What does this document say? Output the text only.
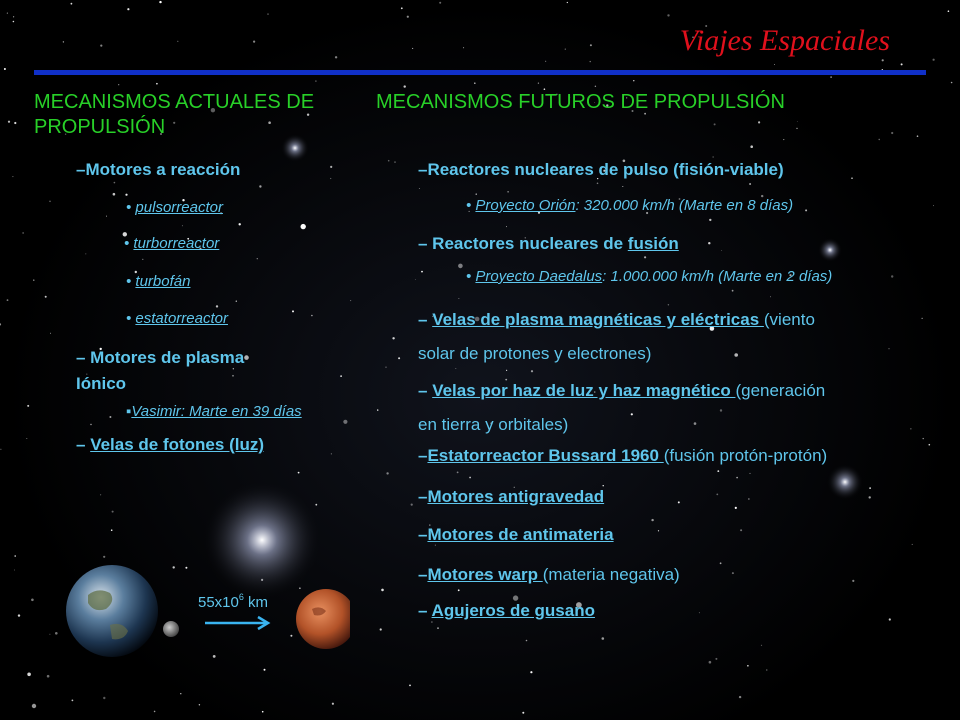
Viajes Espaciales
MECANISMOS ACTUALES DE PROPULSIÓN
MECANISMOS FUTUROS DE PROPULSIÓN
–Motores a reacción
• pulsorreactor
• turborreactor
• turbofán
• estatorreactor
– Motores de plasma
Iónico
▪Vasimir: Marte en 39 días
– Velas de fotones (luz)
–Reactores nucleares de pulso (fisión-viable)
• Proyecto Orión: 320.000 km/h (Marte en 8 días)
– Reactores nucleares de fusión
• Proyecto Daedalus: 1.000.000 km/h (Marte en 2 días)
– Velas de plasma magnéticas y eléctricas (viento
solar de protones y electrones)
– Velas por haz de luz y haz magnético (generación
en tierra y orbitales)
–Estatorreactor Bussard 1960 (fusión protón-protón)
–Motores antigravedad
–Motores de antimateria
–Motores warp (materia negativa)
– Agujeros de gusano
$55x10^6$ km
